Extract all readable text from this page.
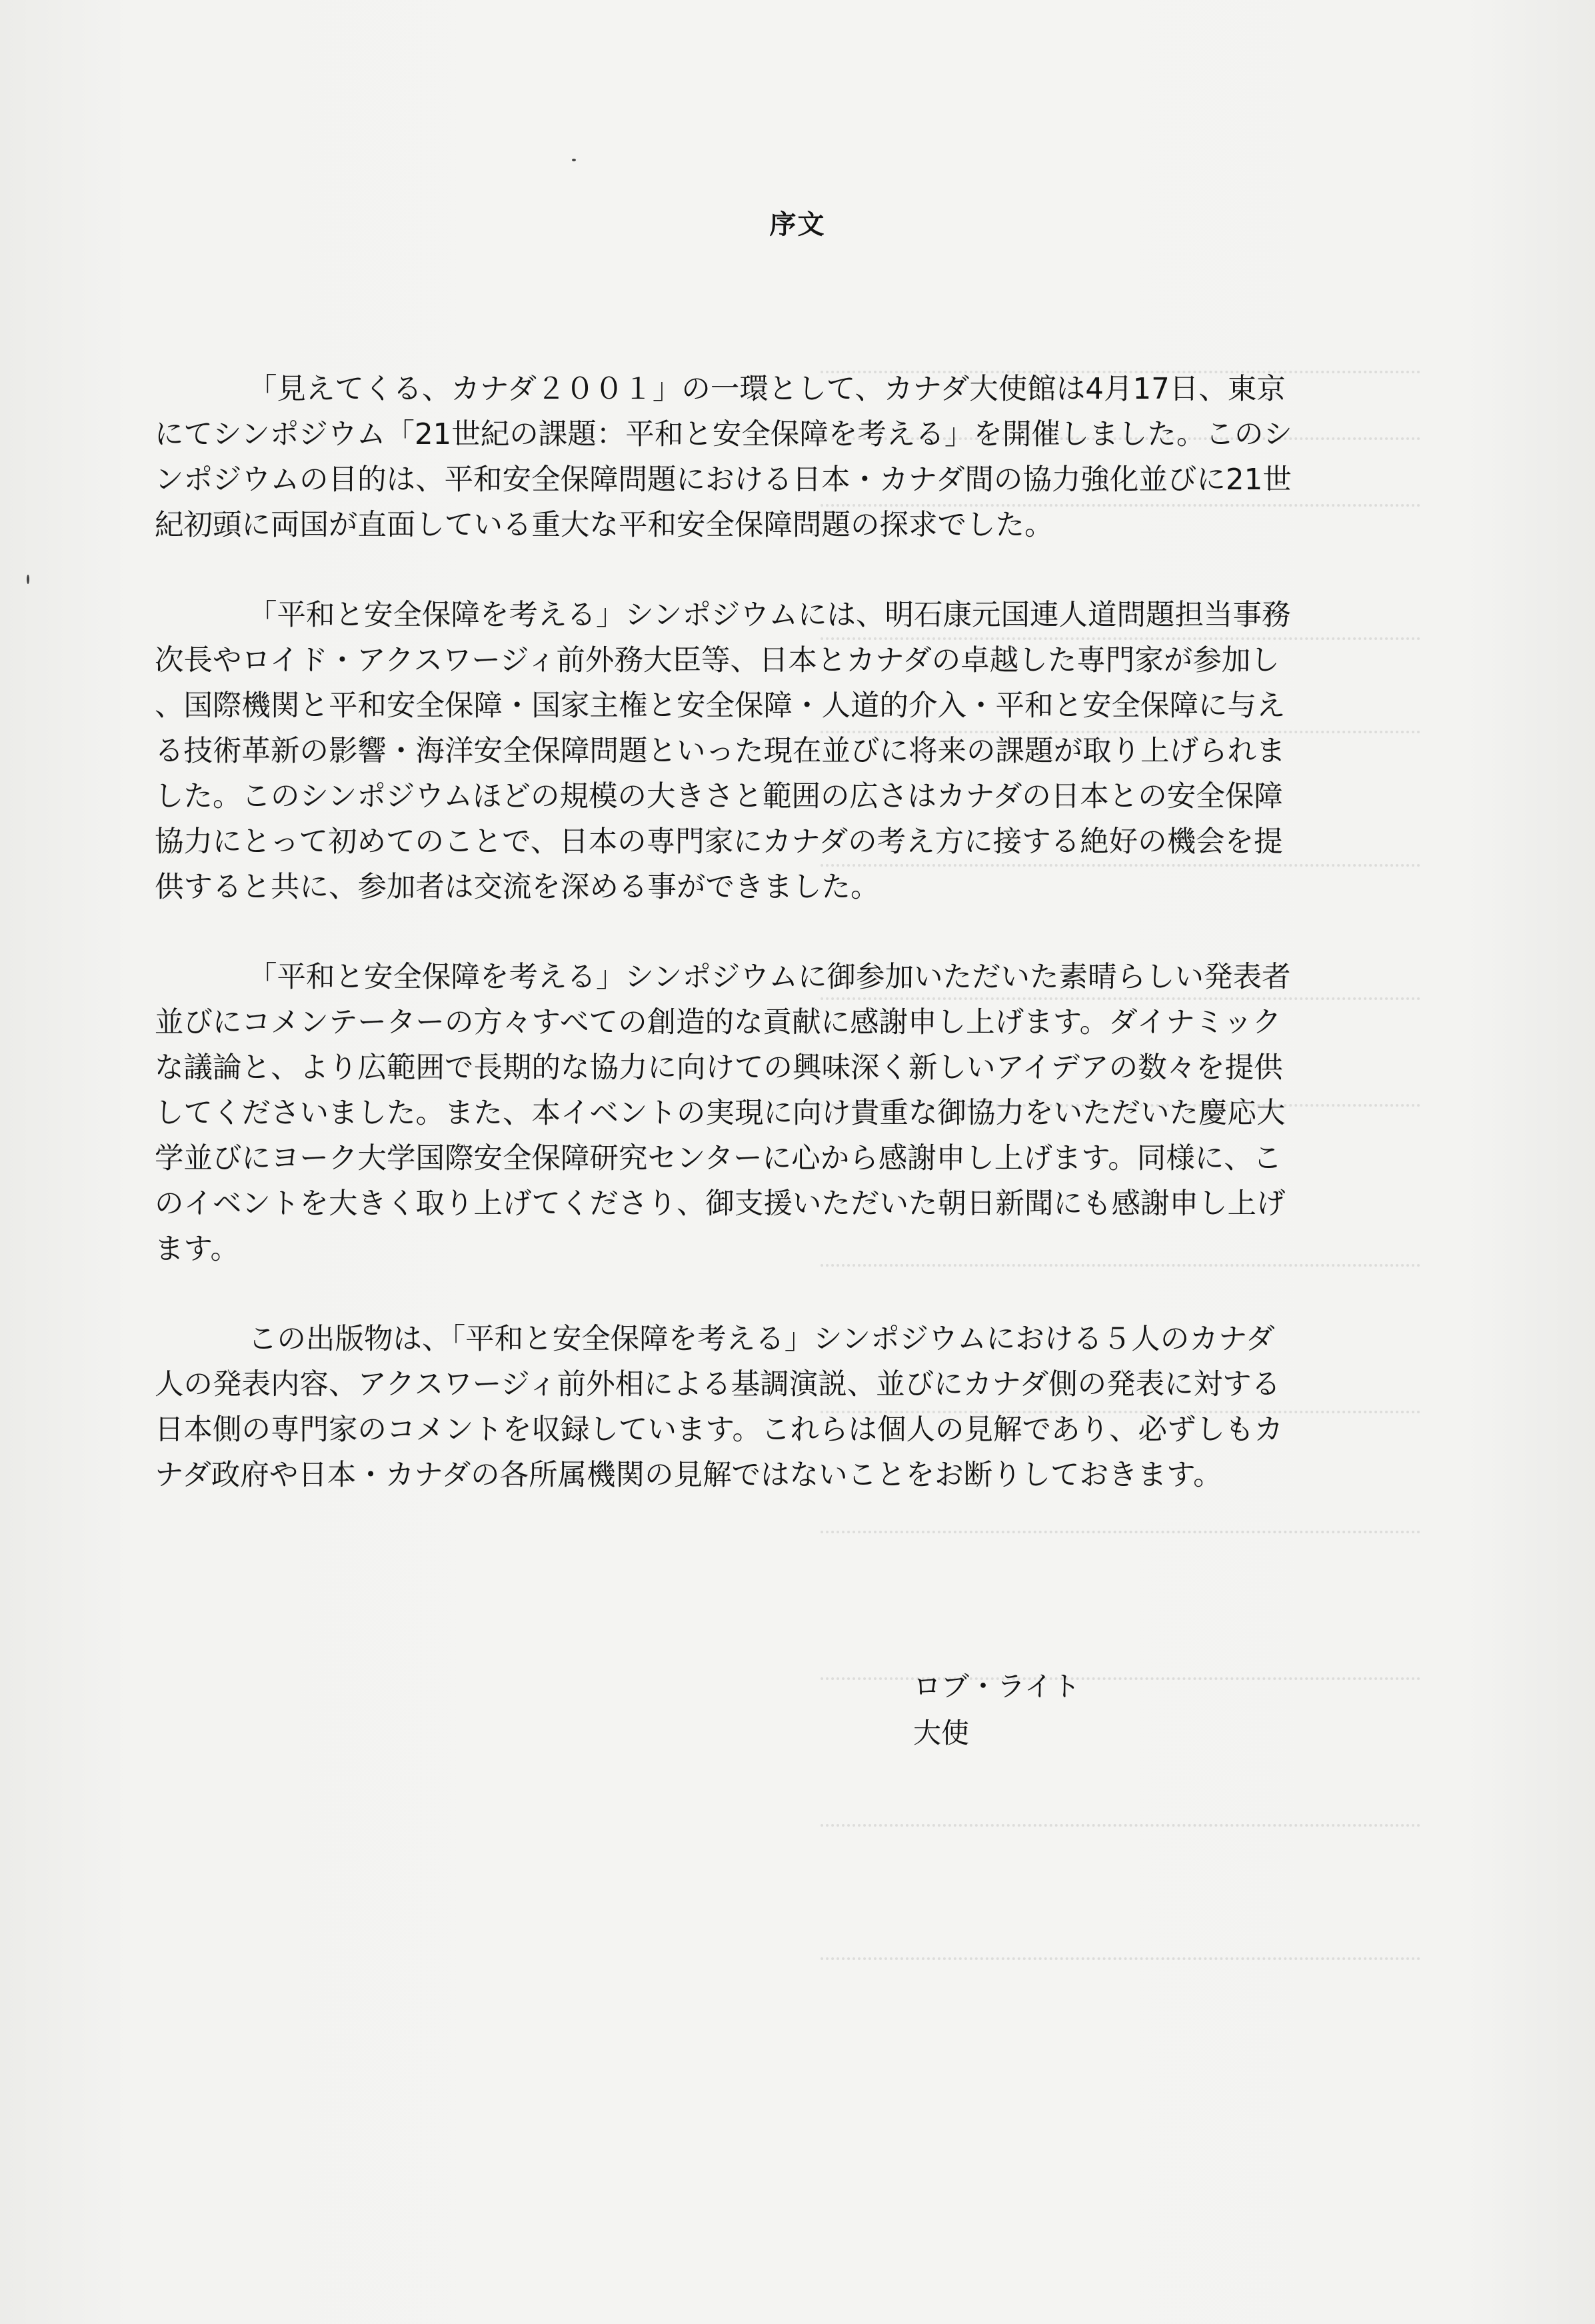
序文

「見えてくる、カナダ２００１」の一環として、カナダ大使館は4月17日、東京
にてシンポジウム「21世紀の課題：平和と安全保障を考える」を開催しました。このシ
ンポジウムの目的は、平和安全保障問題における日本・カナダ間の協力強化並びに21世
紀初頭に両国が直面している重大な平和安全保障問題の探求でした。

「平和と安全保障を考える」シンポジウムには、明石康元国連人道問題担当事務
次長やロイド・アクスワージィ前外務大臣等、日本とカナダの卓越した専門家が参加し
、国際機関と平和安全保障・国家主権と安全保障・人道的介入・平和と安全保障に与え
る技術革新の影響・海洋安全保障問題といった現在並びに将来の課題が取り上げられま
した。このシンポジウムほどの規模の大きさと範囲の広さはカナダの日本との安全保障
協力にとって初めてのことで、日本の専門家にカナダの考え方に接する絶好の機会を提
供すると共に、参加者は交流を深める事ができました。

「平和と安全保障を考える」シンポジウムに御参加いただいた素晴らしい発表者
並びにコメンテーターの方々すべての創造的な貢献に感謝申し上げます。ダイナミック
な議論と、より広範囲で長期的な協力に向けての興味深く新しいアイデアの数々を提供
してくださいました。また、本イベントの実現に向け貴重な御協力をいただいた慶応大
学並びにヨーク大学国際安全保障研究センターに心から感謝申し上げます。同様に、こ
のイベントを大きく取り上げてくださり、御支援いただいた朝日新聞にも感謝申し上げ
ます。

この出版物は、「平和と安全保障を考える」シンポジウムにおける５人のカナダ
人の発表内容、アクスワージィ前外相による基調演説、並びにカナダ側の発表に対する
日本側の専門家のコメントを収録しています。これらは個人の見解であり、必ずしもカ
ナダ政府や日本・カナダの各所属機関の見解ではないことをお断りしておきます。

ロブ・ライト
大使
